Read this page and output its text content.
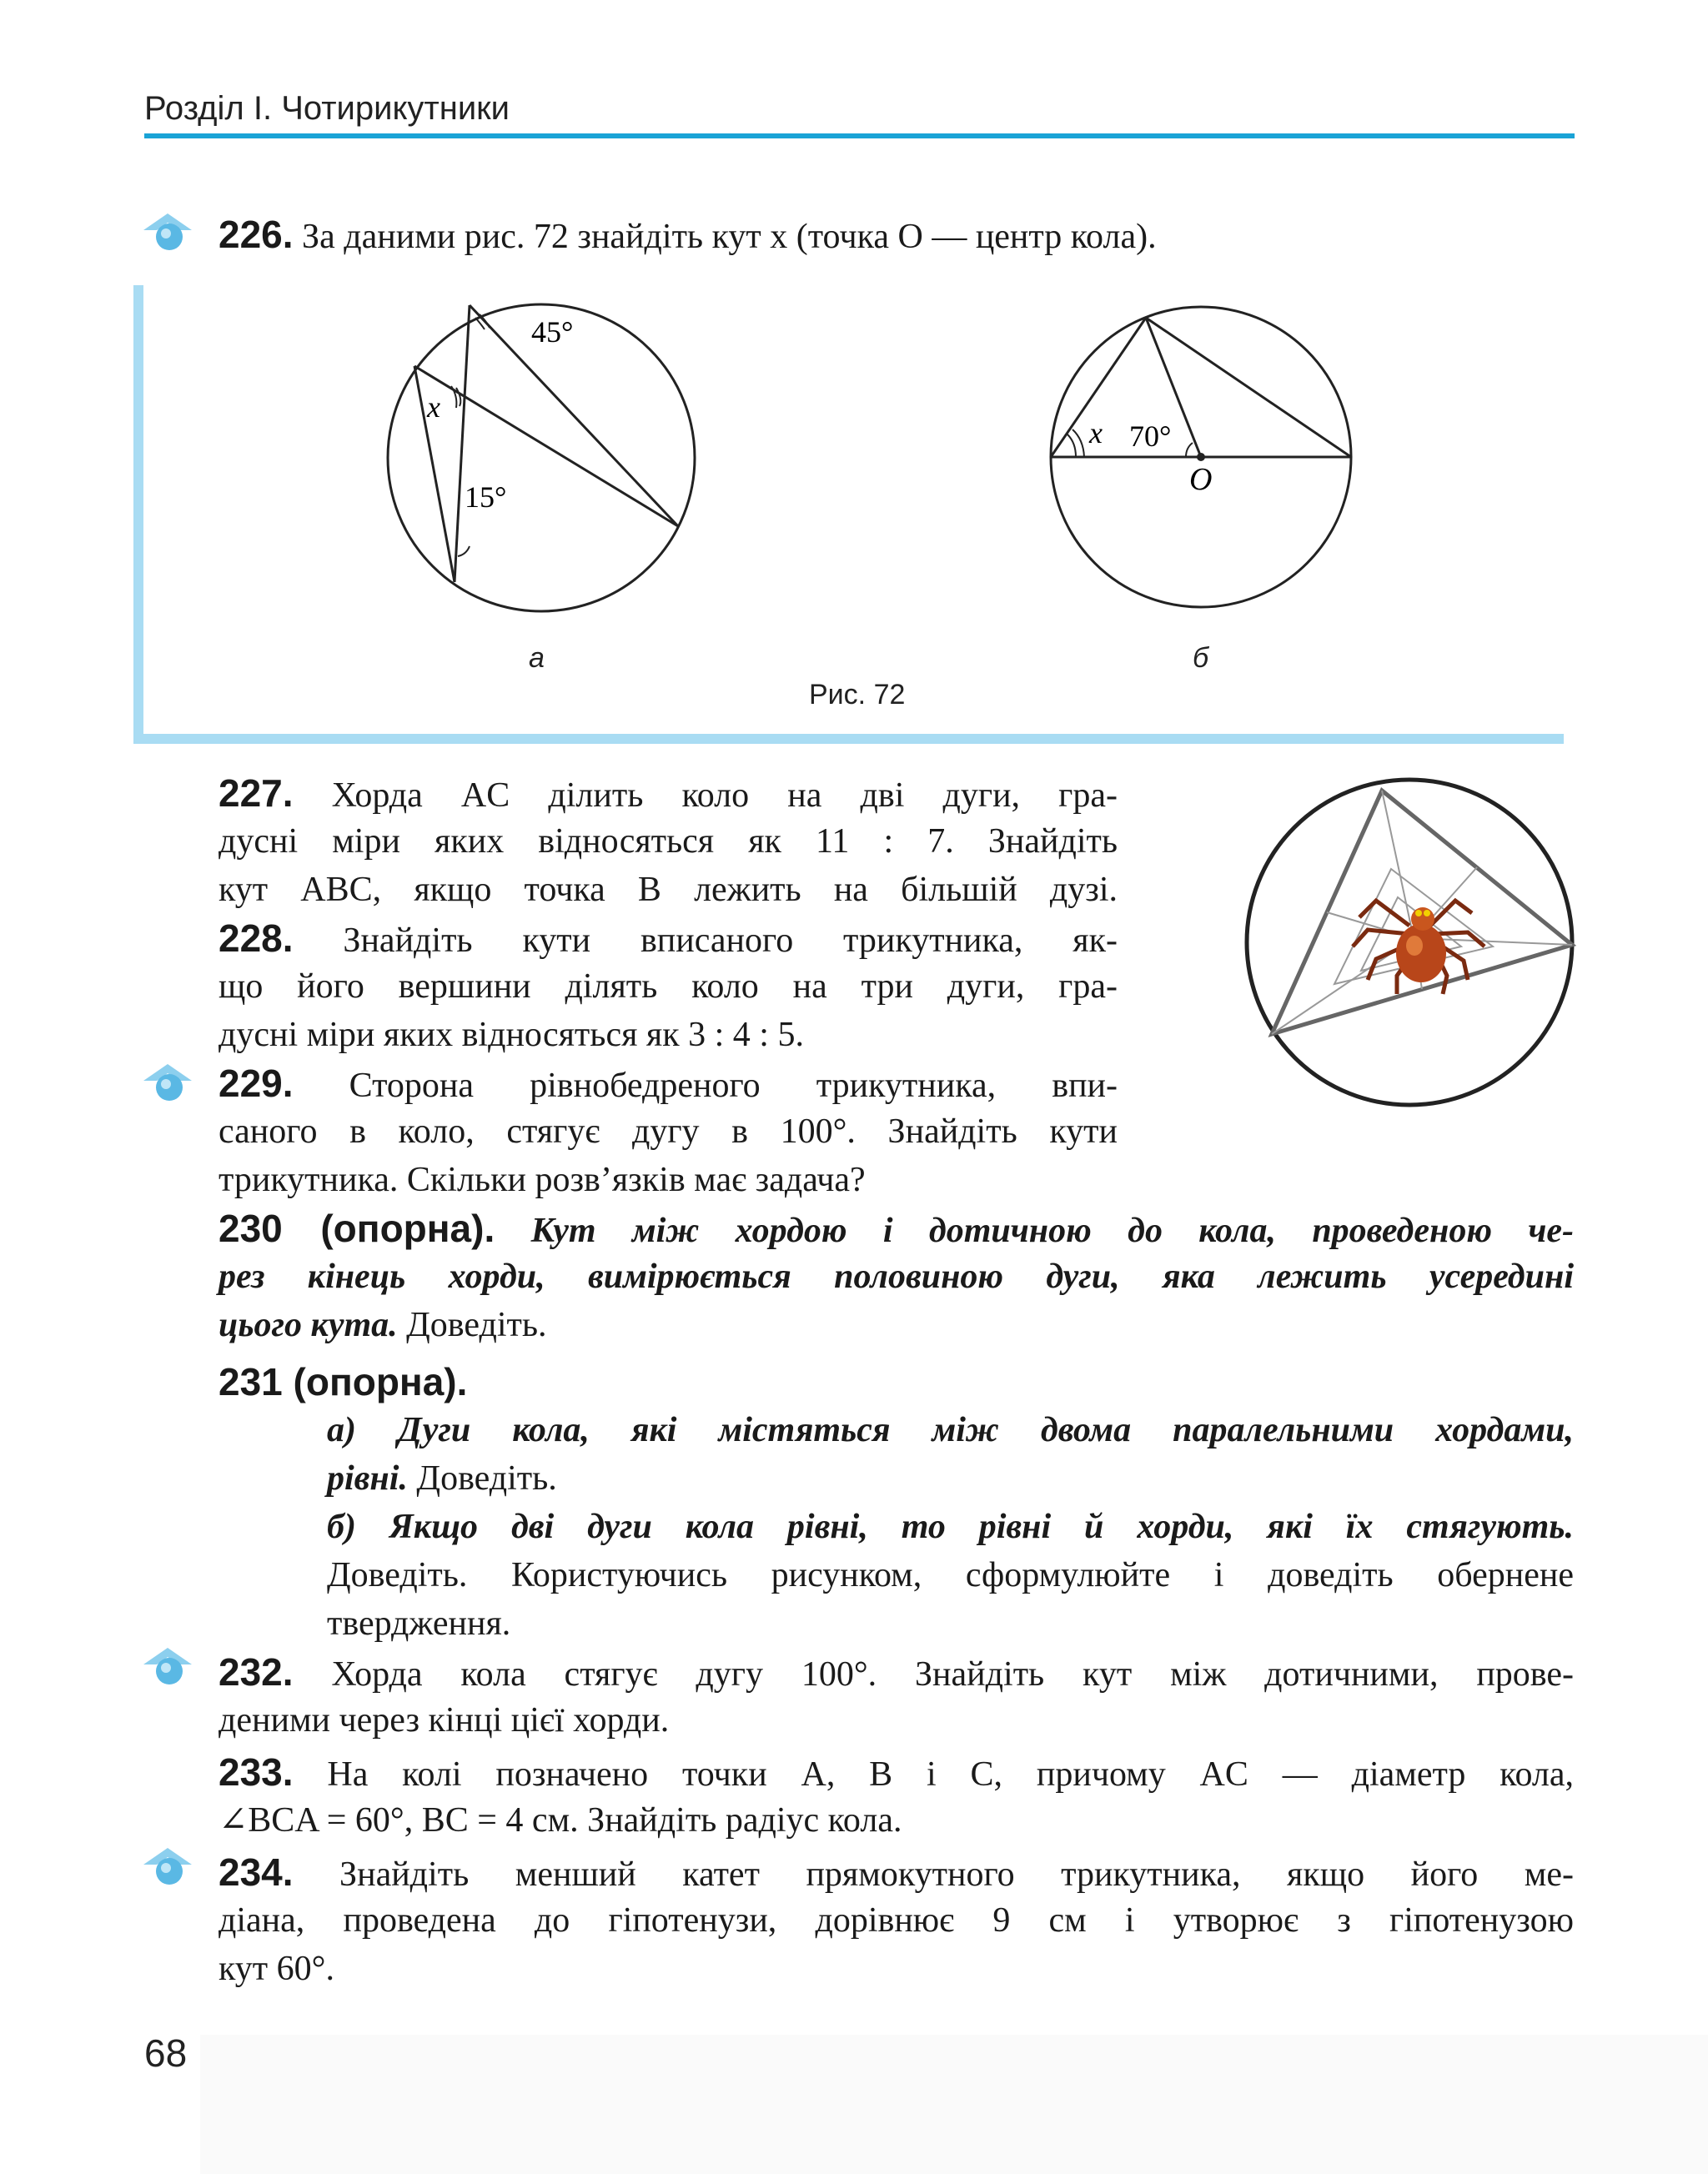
Розділ І. Чотирикутники
226. За даними рис. 72 знайдіть кут x (точка O — центр кола).
45°
x
15°
а
x 70°
O
б
Рис. 72
227. Хорда AC ділить коло на дві дуги, гра-
дусні міри яких відносяться як 11 : 7. Знайдіть
кут ABC, якщо точка B лежить на більшій дузі.
228. Знайдіть кути вписаного трикутника, як-
що його вершини ділять коло на три дуги, гра-
дусні міри яких відносяться як 3 : 4 : 5.
229. Сторона рівнобедреного трикутника, впи-
саного в коло, стягує дугу в 100°. Знайдіть кути
трикутника. Скільки розв’язків має задача?
230 (опорна). Кут між хордою і дотичною до кола, проведеною че-
рез кінець хорди, вимірюється половиною дуги, яка лежить усередині
цього кута. Доведіть.
231 (опорна).
а) Дуги кола, які містяться між двома паралельними хордами,
рівні. Доведіть.
б) Якщо дві дуги кола рівні, то рівні й хорди, які їх стягують.
Доведіть. Користуючись рисунком, сформулюйте і доведіть обернене
твердження.
232. Хорда кола стягує дугу 100°. Знайдіть кут між дотичними, прове-
деними через кінці цієї хорди.
233. На колі позначено точки A, B і C, причому AC — діаметр кола,
∠BCA = 60°, BC = 4 см. Знайдіть радіус кола.
234. Знайдіть менший катет прямокутного трикутника, якщо його ме-
діана, проведена до гіпотенузи, дорівнює 9 см і утворює з гіпотенузою
кут 60°.
68
